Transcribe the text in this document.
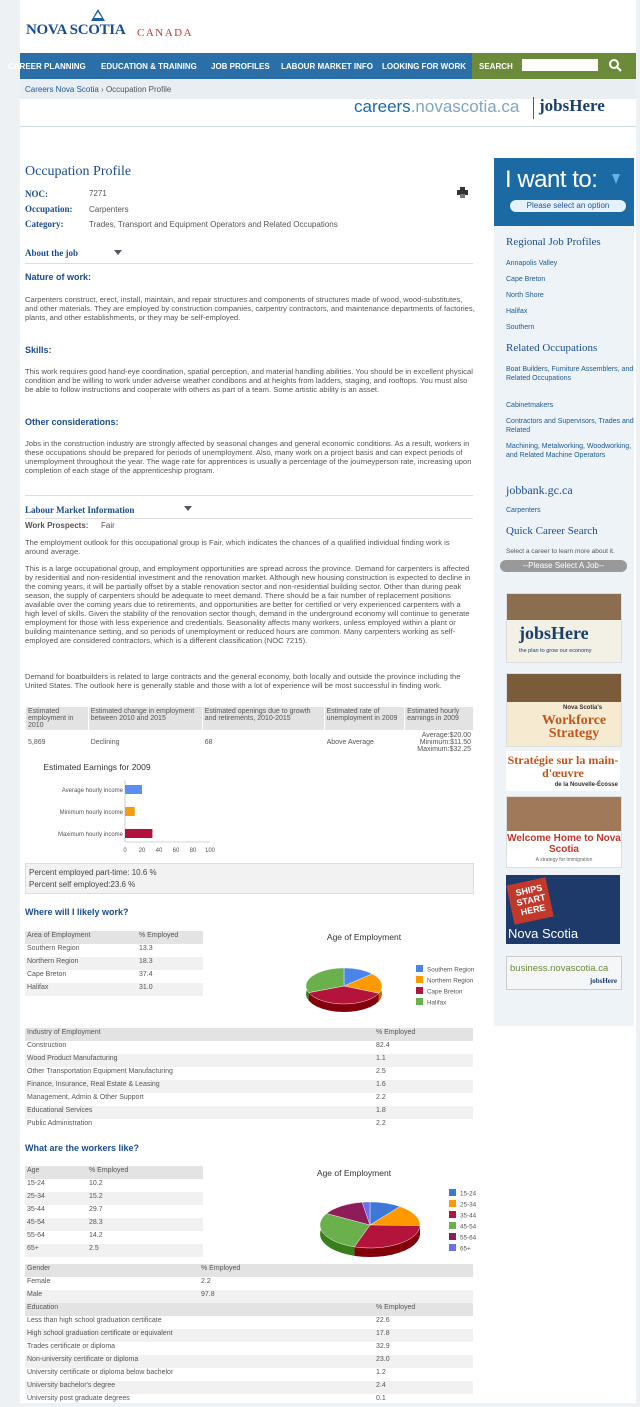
NOVA SCOTIA CANADA
CAREER PLANNING EDUCATION & TRAINING JOB PROFILES LABOUR MARKET INFO LOOKING FOR WORK SEARCH
Careers Nova Scotia › Occupation Profile
careers.novascotia.ca jobsHere
Occupation Profile
NOC:	7271
Occupation: Carpenters
Category:	Trades, Transport and Equipment Operators and Related Occupations
About the job
Nature of work:
Carpenters construct, erect, install, maintain, and repair structures and components of structures made of wood, wood-substitutes, and other materials. They are employed by construction companies, carpentry contractors, and maintenance departments of factories, plants, and other establishments, or they may be self-employed.
Skills:
This work requires good hand-eye coordination, spatial perception, and material handling abilities. You should be in excellent physical condition and be willing to work under adverse weather condibons and at heights from ladders, staging, and rooftops. You must also be able to follow instructions and cooperate with others as part of a team. Some artistic ability is an asset.
Other considerations:
Jobs in the construction industry are strongly affected by seasonal changes and general economic conditions. As a result, workers in these occupations should be prepared for periods of unemployment. Also, many work on a project basis and can expect periods of unemployment throughout the year. The wage rate for apprentices is usually a percentage of the journeyperson rate, increasing upon completion of each stage of the apprenticeship program.
Labour Market Information
Work Prospects: Fair
The employment outlook for this occupational group is Fair, which indicates the chances of a qualified individual finding work is around average.
This is a large occupational group, and employment opportunities are spread across the province. Demand for carpenters is affected by residential and non-residential investment and the renovation market. Although new housing construction is expected to decline in the coming years, it will be partially offset by a stable renovation sector and non-residential building sector. Other than during peak season, the supply of carpenters should be adequate to meet demand. There should be a fair number of replacement positions available over the coming years due to retirements, and opportunities are better for certified or very experienced carpenters with a high level of skills. Given the stability of the renovation sector though, demand in the underground economy will continue to generate employment for those with less experience and credentials. Seasonality affects many workers, unless employed within a plant or building maintenance setting, and so periods of unemployment or reduced hours are common. Many carpenters working as self-employed are considered contractors, which is a different classification (NOC 7215).
Demand for boatbuilders is related to large contracts and the general economy, both locally and outside the province including the United States. The outlook here is generally stable and those with a lot of experience will be most successful in finding work.
Estimated employment in 2010	Estimated change in employment between 2010 and 2015	Estimated openings due to growth and retirements, 2010-2015	Estimated rate of unemployment in 2009	Estimated hourly earnings in 2009
5,869	Declining	68	Above Average	Average:$20.00 Minimum:$11.50 Maximum:$32.25
Estimated Earnings for 2009
Average hourly income
Minimum hourly income
Maximum hourly income
0 20 40 60 80 100
Percent employed part-time: 10.6 %
Percent self employed:23.6 %
Where will I likely work?
Area of Employment	% Employed
Southern Region	13.3
Northern Region	18.3
Cape Breton	37.4
Halifax	31.0
Age of Employment
Southern Region
Northern Region
Cape Breton
Halifax
Industry of Employment	% Employed
Construction	82.4
Wood Product Manufacturing	1.1
Other Transportation Equipment Manufacturing	2.5
Finance, Insurance, Real Estate & Leasing	1.6
Management, Admin & Other Support	2.2
Educational Services	1.8
Public Administration	2.2
What are the workers like?
Age	% Employed
15-24	10.2
25-34	15.2
35-44	29.7
45-54	28.3
55-64	14.2
65+	2.5
Age of Employment
15-24
25-34
35-44
45-54
55-64
65+
Gender	% Employed
Female	2.2
Male	97.8
Education	% Employed
Less than high school graduation certificate	22.6
High school graduation certificate or equivalent	17.8
Trades certificate or diploma	32.9
Non-university certificate or diploma	23.0
University certificate or diploma below bachelor	1.2
University bachelor's degree	2.4
University post graduate degrees	0.1
I want to:
Please select an option
Regional Job Profiles
Annapolis Valley
Cape Breton
North Shore
Halifax
Southern
Related Occupations
Boat Builders, Furniture Assemblers, and Related Occupations
Cabinetmakers
Contractors and Supervisors, Trades and Related
Machining, Metalworking, Woodworking, and Related Machine Operators
jobbank.gc.ca
Carpenters
Quick Career Search
Select a career to learn more about it.
--Please Select A Job--
jobsHere
the plan to grow our economy
Nova Scotia's
Workforce Strategy
Stratégie sur la main-d'œuvre
de la Nouvelle-Écosse
Welcome Home to Nova Scotia
A strategy for immigration
SHIPS START HERE
Nova Scotia
business.novascotia.ca
jobsHere
